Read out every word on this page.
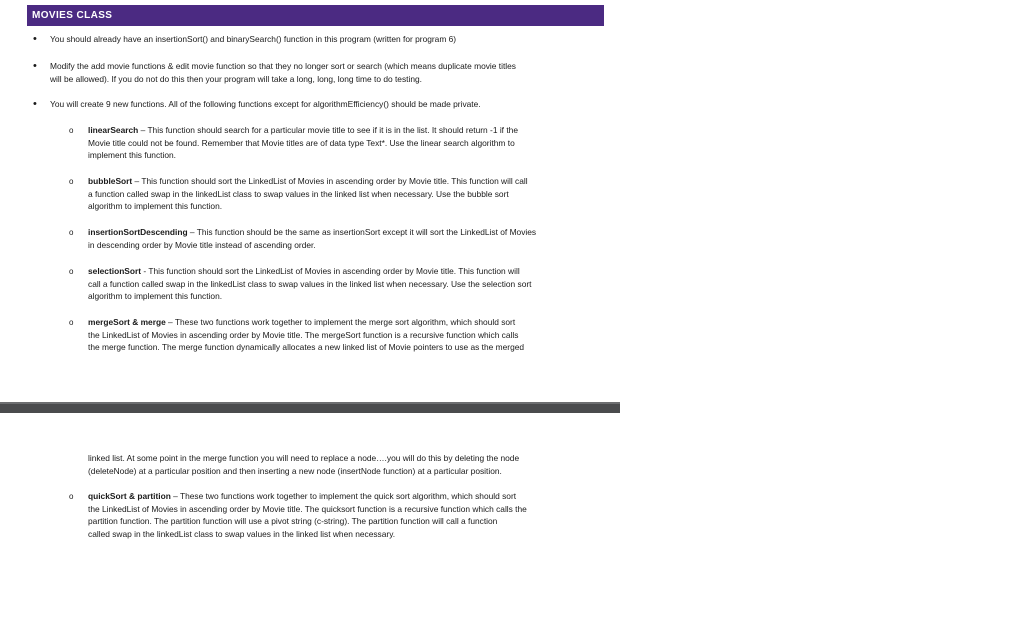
MOVIES CLASS
• You should already have an insertionSort() and binarySearch() function in this program (written for program 6)
• Modify the add movie functions & edit movie function so that they no longer sort or search (which means duplicate movie titles
will be allowed). If you do not do this then your program will take a long, long, long time to do testing.
• You will create 9 new functions. All of the following functions except for algorithmEfficiency() should be made private.
o linearSearch – This function should search for a particular movie title to see if it is in the list. It should return -1 if the
Movie title could not be found. Remember that Movie titles are of data type Text*. Use the linear search algorithm to
implement this function.
o bubbleSort – This function should sort the LinkedList of Movies in ascending order by Movie title. This function will call
a function called swap in the linkedList class to swap values in the linked list when necessary. Use the bubble sort
algorithm to implement this function.
o insertionSortDescending – This function should be the same as insertionSort except it will sort the LinkedList of Movies
in descending order by Movie title instead of ascending order.
o selectionSort - This function should sort the LinkedList of Movies in ascending order by Movie title. This function will
call a function called swap in the linkedList class to swap values in the linked list when necessary. Use the selection sort
algorithm to implement this function.
o mergeSort & merge – These two functions work together to implement the merge sort algorithm, which should sort
the LinkedList of Movies in ascending order by Movie title. The mergeSort function is a recursive function which calls
the merge function. The merge function dynamically allocates a new linked list of Movie pointers to use as the merged
linked list. At some point in the merge function you will need to replace a node….you will do this by deleting the node
(deleteNode) at a particular position and then inserting a new node (insertNode function) at a particular position.
o quickSort & partition – These two functions work together to implement the quick sort algorithm, which should sort
the LinkedList of Movies in ascending order by Movie title. The quicksort function is a recursive function which calls the
partition function. The partition function will use a pivot string (c-string). The partition function will call a function
called swap in the linkedList class to swap values in the linked list when necessary.
